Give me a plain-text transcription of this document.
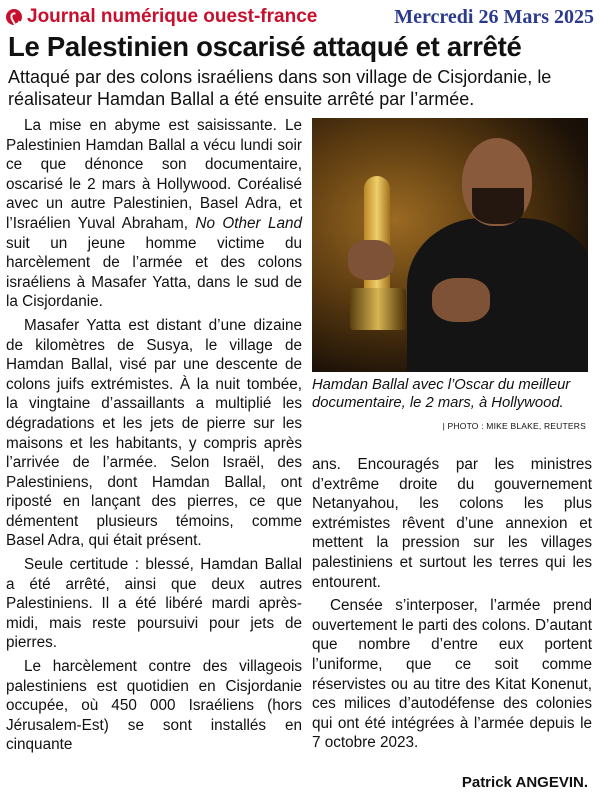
Journal numérique ouest-france	Mercredi 26 Mars 2025
Le Palestinien oscarisé attaqué et arrêté
Attaqué par des colons israéliens dans son village de Cisjordanie, le réalisateur Hamdan Ballal a été ensuite arrêté par l’armée.

La mise en abyme est saisissante. Le Palestinien Hamdan Ballal a vécu lundi soir ce que dénonce son documentaire, oscarisé le 2 mars à Hollywood. Coréalisé avec un autre Palestinien, Basel Adra, et l’Israélien Yuval Abraham, No Other Land suit un jeune homme victime du harcèlement de l’armée et des colons israéliens à Masafer Yatta, dans le sud de la Cisjordanie.

Masafer Yatta est distant d’une dizaine de kilomètres de Susya, le village de Hamdan Ballal, visé par une descente de colons juifs extrémistes. À la nuit tombée, la vingtaine d’assaillants a multiplié les dégradations et les jets de pierre sur les maisons et les habitants, y compris après l’arrivée de l’armée. Selon Israël, des Palestiniens, dont Hamdan Ballal, ont riposté en lançant des pierres, ce que démentent plusieurs témoins, comme Basel Adra, qui était présent.

Seule certitude : blessé, Hamdan Ballal a été arrêté, ainsi que deux autres Palestiniens. Il a été libéré mardi après-midi, mais reste poursuivi pour jets de pierres.

Le harcèlement contre des villageois palestiniens est quotidien en Cisjordanie occupée, où 450 000 Israéliens (hors Jérusalem-Est) se sont installés en cinquante

Hamdan Ballal avec l’Oscar du meilleur documentaire, le 2 mars, à Hollywood.
| PHOTO : MIKE BLAKE, REUTERS

ans. Encouragés par les ministres d’extrême droite du gouvernement Netanyahou, les colons les plus extrémistes rêvent d’une annexion et mettent la pression sur les villages palestiniens et surtout les terres qui les entourent.

Censée s’interposer, l’armée prend ouvertement le parti des colons. D’autant que nombre d’entre eux portent l’uniforme, que ce soit comme réservistes ou au titre des Kitat Konenut, ces milices d’autodéfense des colonies qui ont été intégrées à l’armée depuis le 7 octobre 2023.

Patrick ANGEVIN.
